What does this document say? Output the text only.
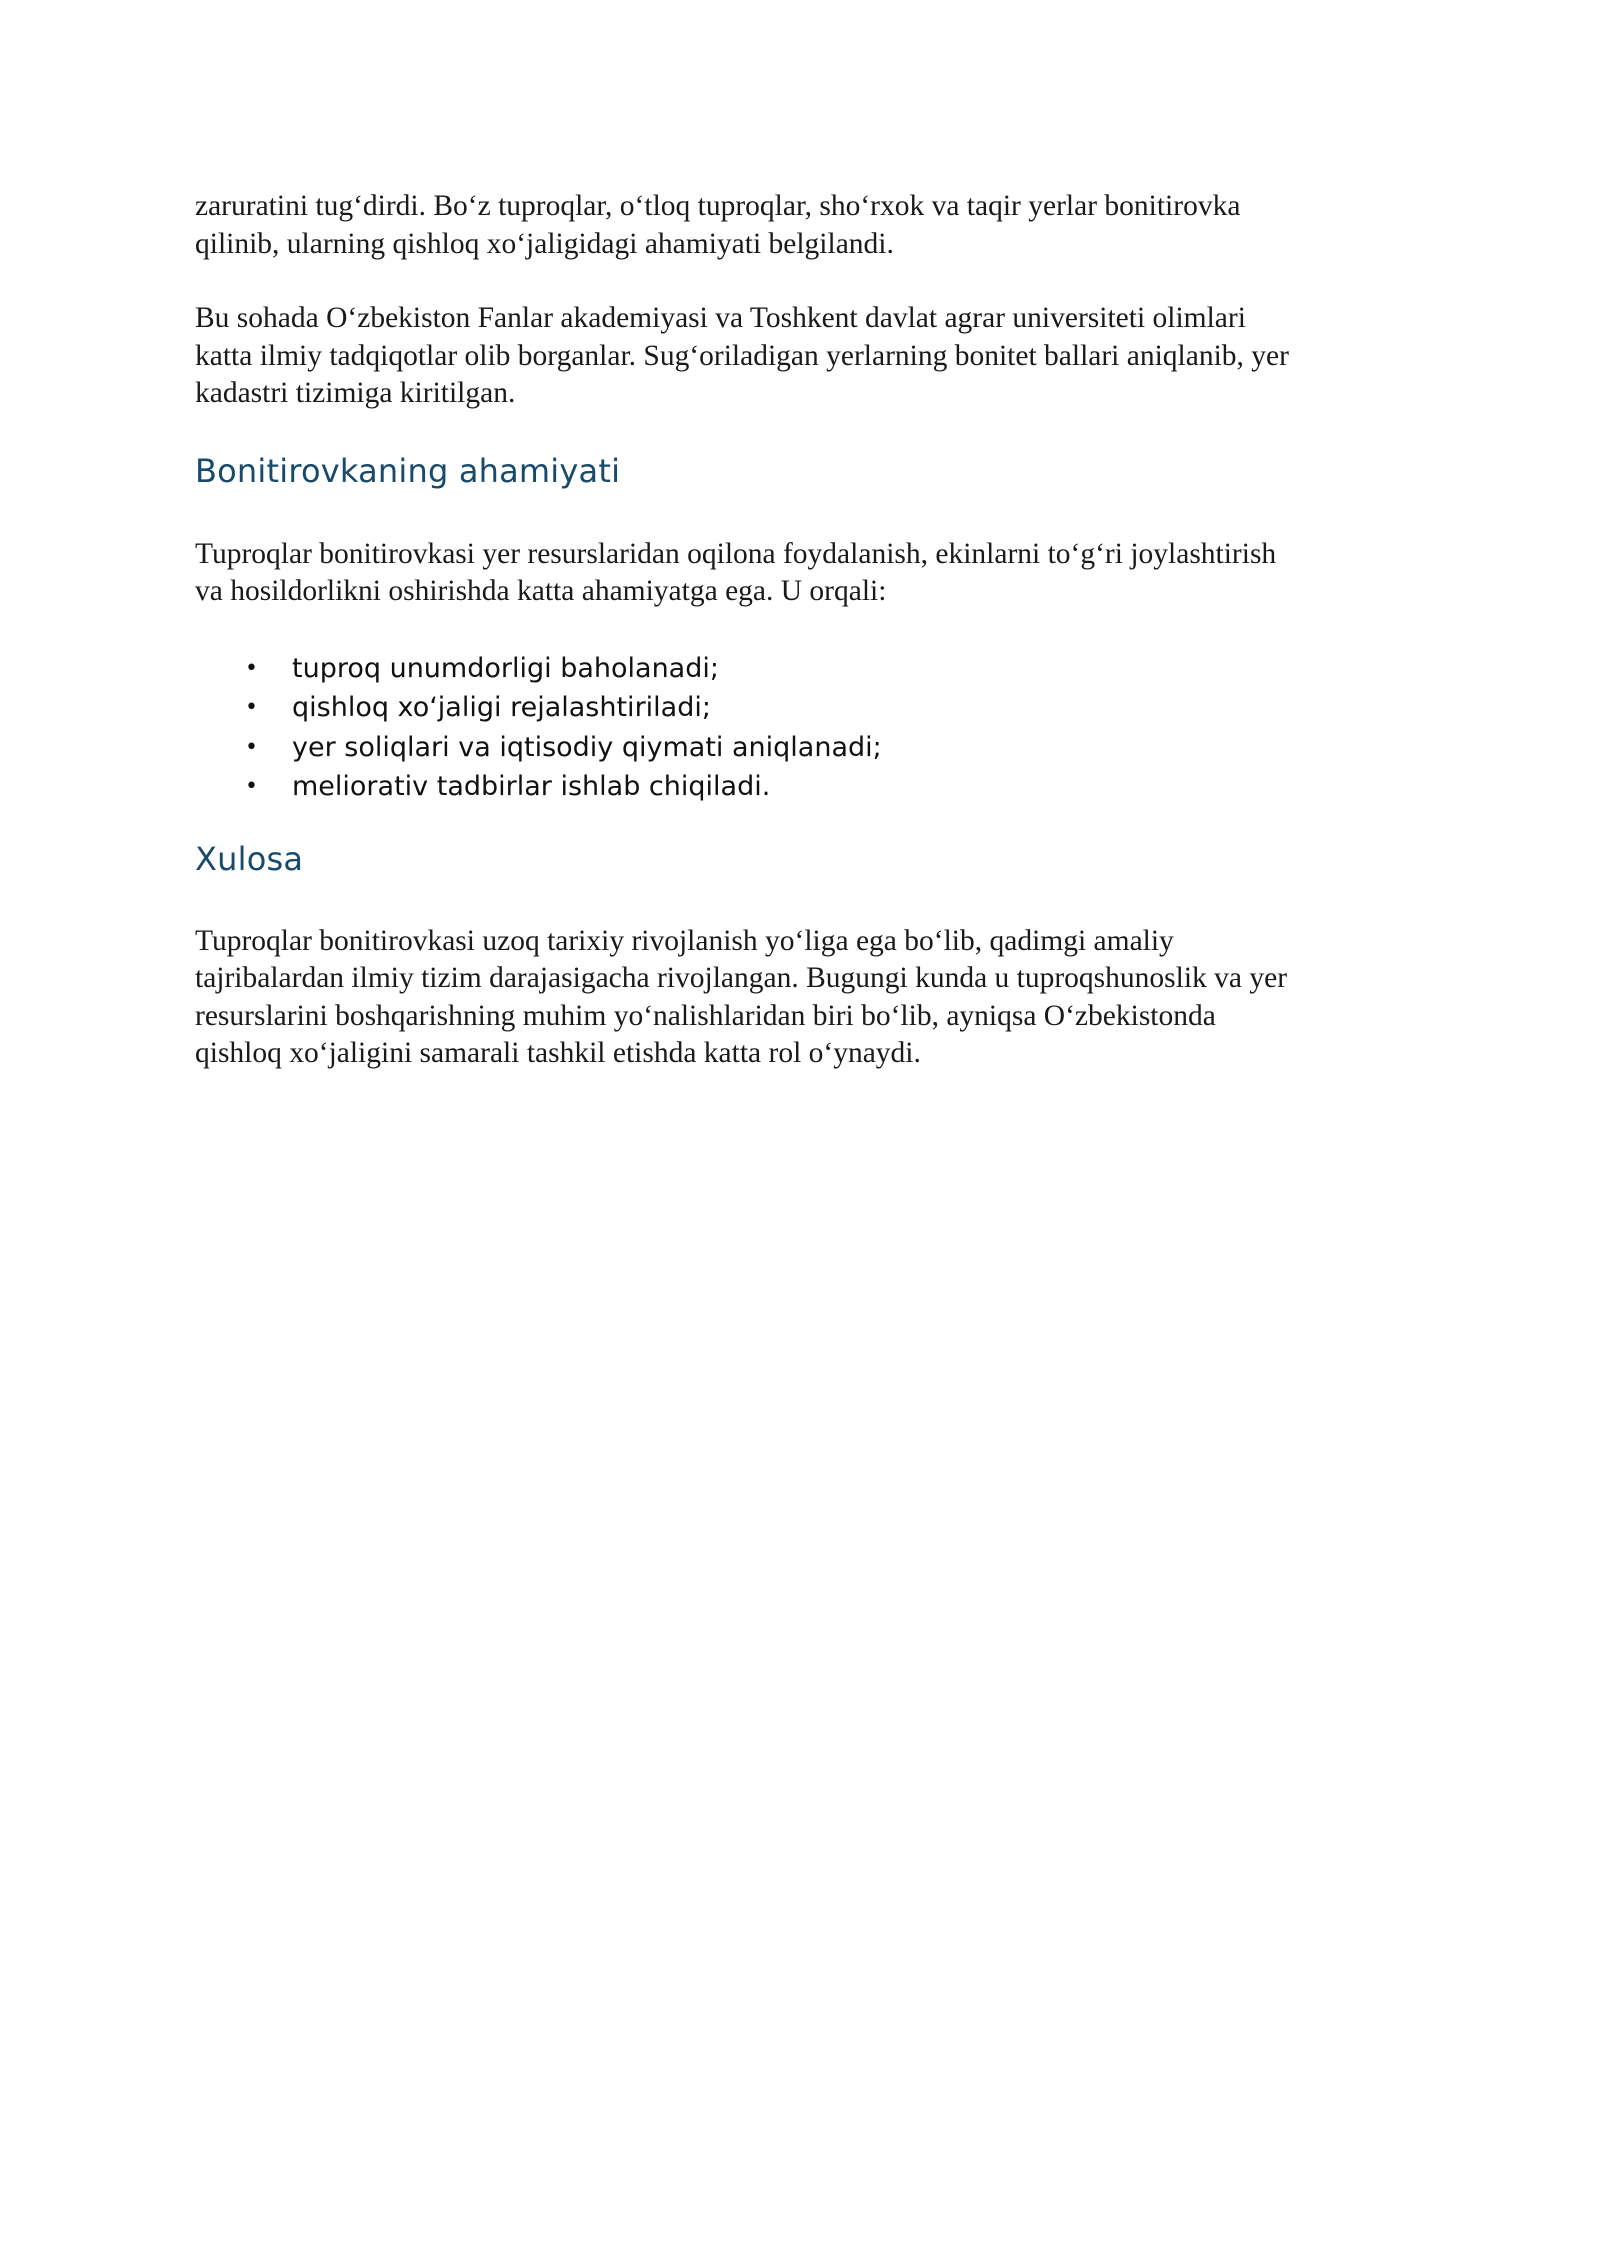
zaruratini tug‘dirdi. Bo‘z tuproqlar, o‘tloq tuproqlar, sho‘rxok va taqir yerlar bonitirovka
qilinib, ularning qishloq xo‘jaligidagi ahamiyati belgilandi.

Bu sohada O‘zbekiston Fanlar akademiyasi va Toshkent davlat agrar universiteti olimlari
katta ilmiy tadqiqotlar olib borganlar. Sug‘oriladigan yerlarning bonitet ballari aniqlanib, yer
kadastri tizimiga kiritilgan.

Bonitirovkaning ahamiyati

Tuproqlar bonitirovkasi yer resurslaridan oqilona foydalanish, ekinlarni to‘g‘ri joylashtirish
va hosildorlikni oshirishda katta ahamiyatga ega. U orqali:

• tuproq unumdorligi baholanadi;
• qishloq xo‘jaligi rejalashtiriladi;
• yer soliqlari va iqtisodiy qiymati aniqlanadi;
• meliorativ tadbirlar ishlab chiqiladi.
Xulosa

Tuproqlar bonitirovkasi uzoq tarixiy rivojlanish yo‘liga ega bo‘lib, qadimgi amaliy
tajribalardan ilmiy tizim darajasigacha rivojlangan. Bugungi kunda u tuproqshunoslik va yer
resurslarini boshqarishning muhim yo‘nalishlaridan biri bo‘lib, ayniqsa O‘zbekistonda
qishloq xo‘jaligini samarali tashkil etishda katta rol o‘ynaydi.
